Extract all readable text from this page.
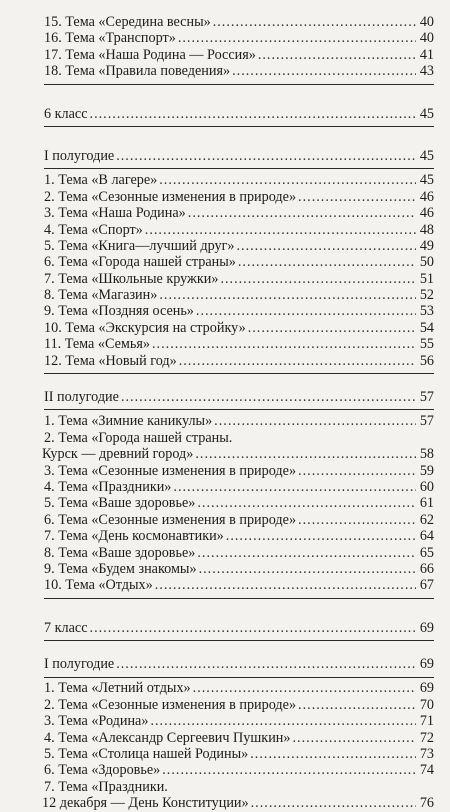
15. Тема «Середина весны» .....	40
16. Тема «Транспорт» .....	40
17. Тема «Наша Родина — Россия» .....	41
18. Тема «Правила поведения» .....	43
6 класс .....	45
I полугодие .....	45
1. Тема «В лагере» .....	45
2. Тема «Сезонные изменения в природе» .....	46
3. Тема «Наша Родина» .....	46
4. Тема «Спорт» .....	48
5. Тема «Книга—лучший друг» .....	49
6. Тема «Города нашей страны» .....	50
7. Тема «Школьные кружки» .....	51
8. Тема «Магазин» .....	52
9. Тема «Поздняя осень» .....	53
10. Тема «Экскурсия на стройку» .....	54
11. Тема «Семья» .....	55
12. Тема «Новый год» .....	56
II полугодие .....	57
1. Тема «Зимние каникулы» .....	57
2. Тема «Города нашей страны.
Курск — древний город» .....	58
3. Тема «Сезонные изменения в природе» .....	59
4. Тема «Праздники» .....	60
5. Тема «Ваше здоровье» .....	61
6. Тема «Сезонные изменения в природе» .....	62
7. Тема «День космонавтики» .....	64
8. Тема «Ваше здоровье» .....	65
9. Тема «Будем знакомы» .....	66
10. Тема «Отдых» .....	67
7 класс .....	69
I полугодие .....	69
1. Тема «Летний отдых» .....	69
2. Тема «Сезонные изменения в природе» .....	70
3. Тема «Родина» .....	71
4. Тема «Александр Сергеевич Пушкин» .....	72
5. Тема «Столица нашей Родины» .....	73
6. Тема «Здоровье» .....	74
7. Тема «Праздники.
12 декабря — День Конституции» .....	76
